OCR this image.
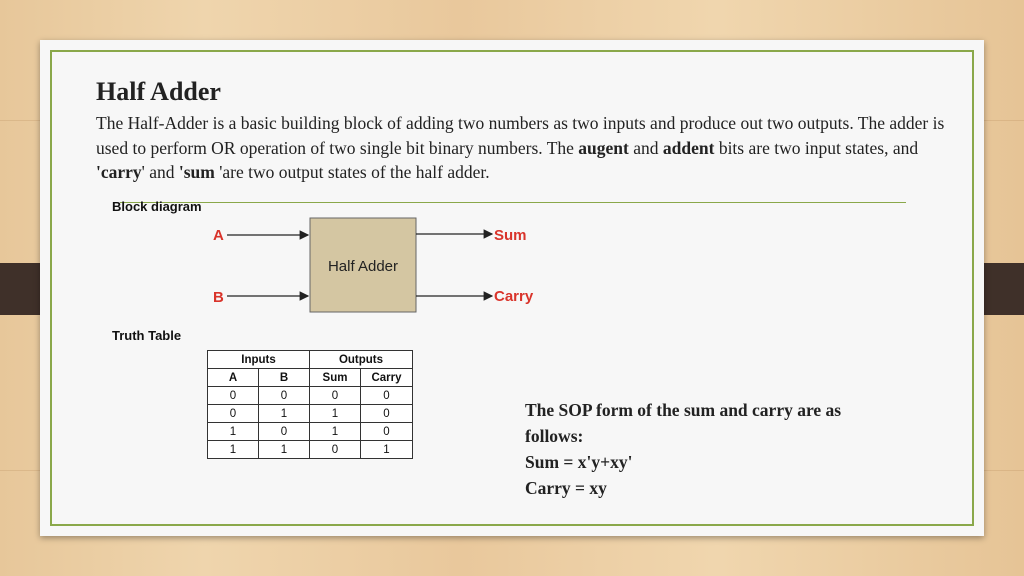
Half Adder

The Half-Adder is a basic building block of adding two numbers as two inputs and produce out two outputs. The adder is used to perform OR operation of two single bit binary numbers. The augent and addent bits are two input states, and 'carry' and 'sum 'are two output states of the half adder.

Block diagram
Half Adder
A
B
Sum
Carry
Truth Table
Inputs		Outputs	
A	B	Sum	Carry
0	0	0	0
0	1	1	0
1	0	1	0
1	1	0	1
The SOP form of the sum and carry are as
follows:
Sum = x'y+xy'
Carry = xy
